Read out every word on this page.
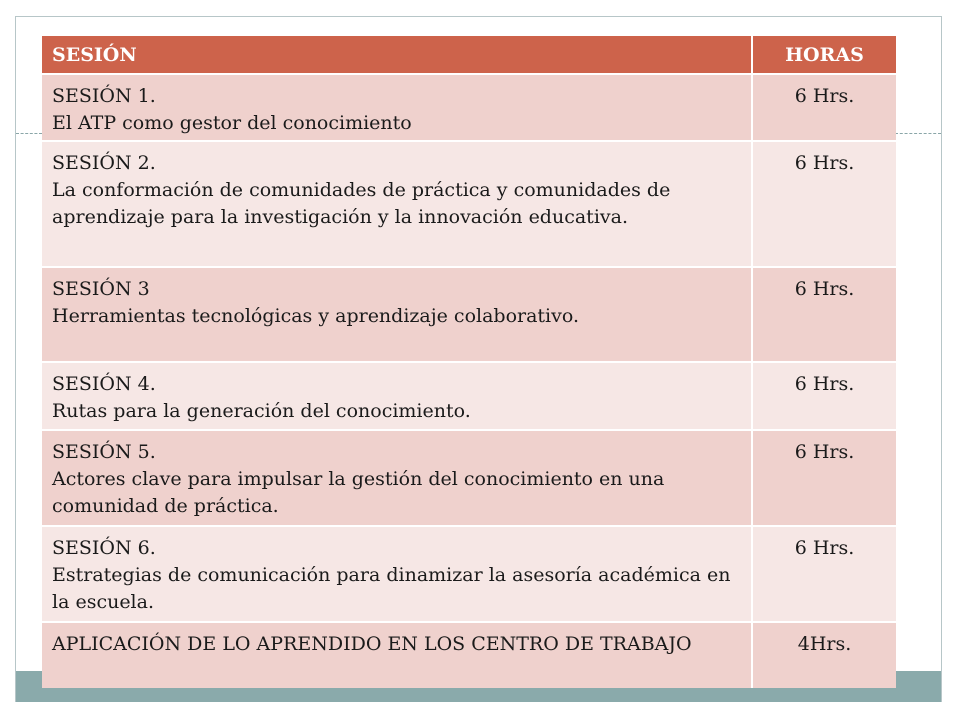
SESIÓN	HORAS

SESIÓN 1.
El ATP como gestor del conocimiento	6 Hrs.

SESIÓN 2.
La conformación de comunidades de práctica y comunidades de aprendizaje para la investigación y la innovación educativa.	6 Hrs.

SESIÓN 3
Herramientas tecnológicas y aprendizaje colaborativo.	6 Hrs.

SESIÓN 4.
Rutas para la generación del conocimiento.	6 Hrs.

SESIÓN 5.
Actores clave para impulsar la gestión del conocimiento en una comunidad de práctica.	6 Hrs.

SESIÓN 6.
Estrategias de comunicación para dinamizar la asesoría académica en la escuela.	6 Hrs.

APLICACIÓN DE LO APRENDIDO EN LOS CENTRO DE TRABAJO	4Hrs.
